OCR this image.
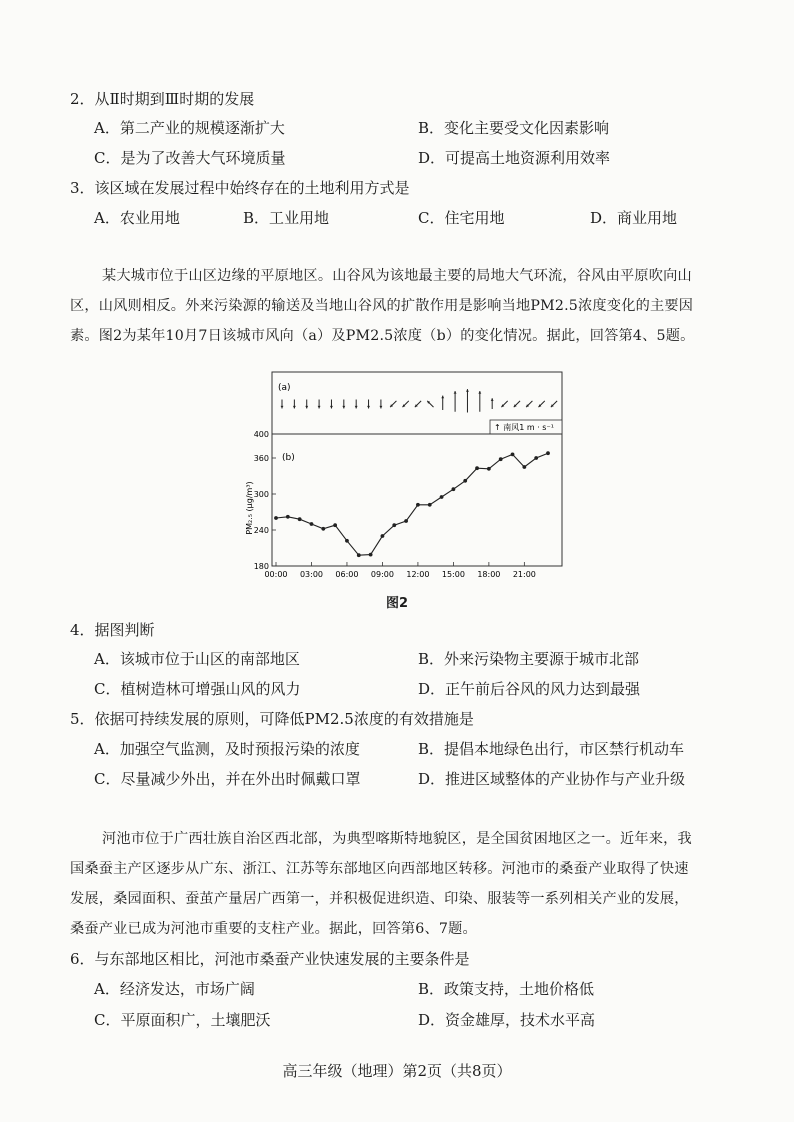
2．从Ⅱ时期到Ⅲ时期的发展
A．第二产业的规模逐渐扩大	B．变化主要受文化因素影响
C．是为了改善大气环境质量	D．可提高土地资源利用效率
3．该区域在发展过程中始终存在的土地利用方式是
A．农业用地	B．工业用地	C．住宅用地	D．商业用地
某大城市位于山区边缘的平原地区。山谷风为该地最主要的局地大气环流，谷风由平原吹向山
区，山风则相反。外来污染源的输送及当地山谷风的扩散作用是影响当地PM2.5浓度变化的主要因
素。图2为某年10月7日该城市风向（a）及PM2.5浓度（b）的变化情况。据此，回答第4、5题。
(a)
↑ 南风1 m · s⁻¹
(b)
PM₂.₅ (μg/m³)
180
240
300
360
400
00:00 03:00 06:00 09:00 12:00 15:00 18:00 21:00
图2
4．据图判断
A．该城市位于山区的南部地区	B．外来污染物主要源于城市北部
C．植树造林可增强山风的风力	D．正午前后谷风的风力达到最强
5．依据可持续发展的原则，可降低PM2.5浓度的有效措施是
A．加强空气监测，及时预报污染的浓度	B．提倡本地绿色出行，市区禁行机动车
C．尽量减少外出，并在外出时佩戴口罩	D．推进区域整体的产业协作与产业升级
河池市位于广西壮族自治区西北部，为典型喀斯特地貌区，是全国贫困地区之一。近年来，我
国桑蚕主产区逐步从广东、浙江、江苏等东部地区向西部地区转移。河池市的桑蚕产业取得了快速
发展，桑园面积、蚕茧产量居广西第一，并积极促进织造、印染、服装等一系列相关产业的发展，
桑蚕产业已成为河池市重要的支柱产业。据此，回答第6、7题。
6．与东部地区相比，河池市桑蚕产业快速发展的主要条件是
A．经济发达，市场广阔	B．政策支持，土地价格低
C．平原面积广，土壤肥沃	D．资金雄厚，技术水平高
高三年级（地理）第2页（共8页）
